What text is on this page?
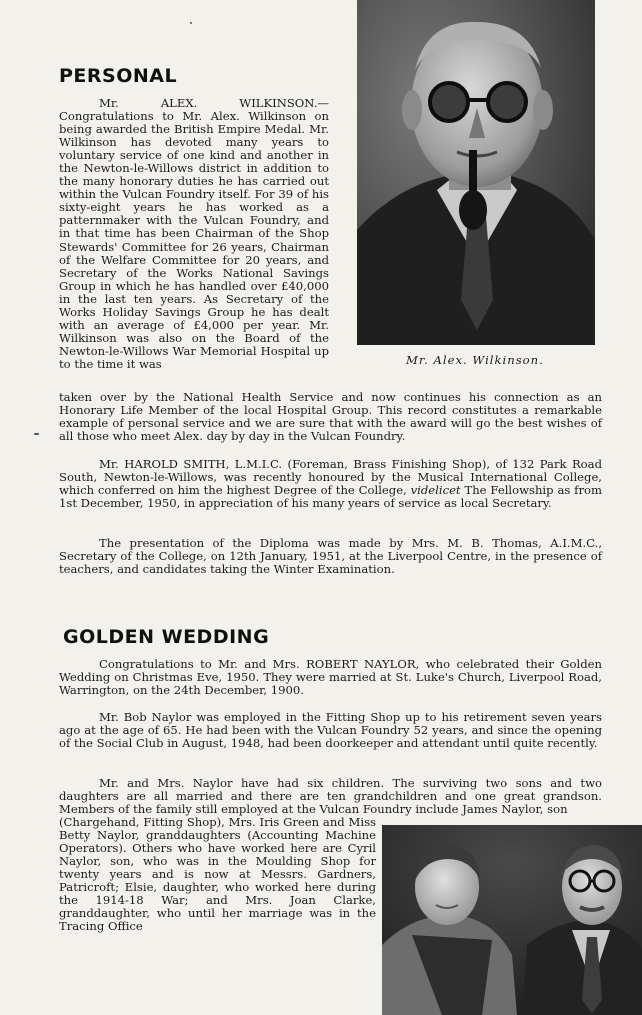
PERSONAL
Mr. Alex. Wilkinson.

Mr. ALEX. WILKINSON.—Congratulations to Mr. Alex. Wilkinson on being awarded the British Empire Medal. Mr. Wilkinson has devoted many years to voluntary service of one kind and another in the Newton-le-Willows district in addition to the many honorary duties he has carried out within the Vulcan Foundry itself. For 39 of his sixty-eight years he has worked as a patternmaker with the Vulcan Foundry, and in that time has been Chairman of the Shop Stewards' Committee for 26 years, Chairman of the Welfare Committee for 20 years, and Secretary of the Works National Savings Group in which he has handled over £40,000 in the last ten years. As Secretary of the Works Holiday Savings Group he has dealt with an average of £4,000 per year. Mr. Wilkinson was also on the Board of the Newton-le-Willows War Memorial Hospital up to the time it was

taken over by the National Health Service and now continues his connection as an Honorary Life Member of the local Hospital Group. This record constitutes a remarkable example of personal service and we are sure that with the award will go the best wishes of all those who meet Alex. day by day in the Vulcan Foundry.

Mr. HAROLD SMITH, L.M.I.C. (Foreman, Brass Finishing Shop), of 132 Park Road South, Newton-le-Willows, was recently honoured by the Musical International College, which conferred on him the highest Degree of the College, videlicet The Fellowship as from 1st December, 1950, in appreciation of his many years of service as local Secretary.

The presentation of the Diploma was made by Mrs. M. B. Thomas, A.I.M.C., Secretary of the College, on 12th January, 1951, at the Liverpool Centre, in the presence of teachers, and candidates taking the Winter Examination.

GOLDEN WEDDING

Congratulations to Mr. and Mrs. ROBERT NAYLOR, who celebrated their Golden Wedding on Christmas Eve, 1950. They were married at St. Luke's Church, Liverpool Road, Warrington, on the 24th December, 1900.

Mr. Bob Naylor was employed in the Fitting Shop up to his retirement seven years ago at the age of 65. He had been with the Vulcan Foundry 52 years, and since the opening of the Social Club in August, 1948, had been doorkeeper and attendant until quite recently.

Mr. and Mrs. Naylor have had six children. The surviving two sons and two daughters are all married and there are ten grandchildren and one great grandson. Members of the family still employed at the Vulcan Foundry include James Naylor, son

(Chargehand, Fitting Shop), Mrs. Iris Green and Miss Betty Naylor, granddaughters (Accounting Machine Operators). Others who have worked here are Cyril Naylor, son, who was in the Moulding Shop for twenty years and is now at Messrs. Gardners, Patricroft; Elsie, daughter, who worked here during the 1914-18 War; and Mrs. Joan Clarke, granddaughter, who until her marriage was in the Tracing Office
